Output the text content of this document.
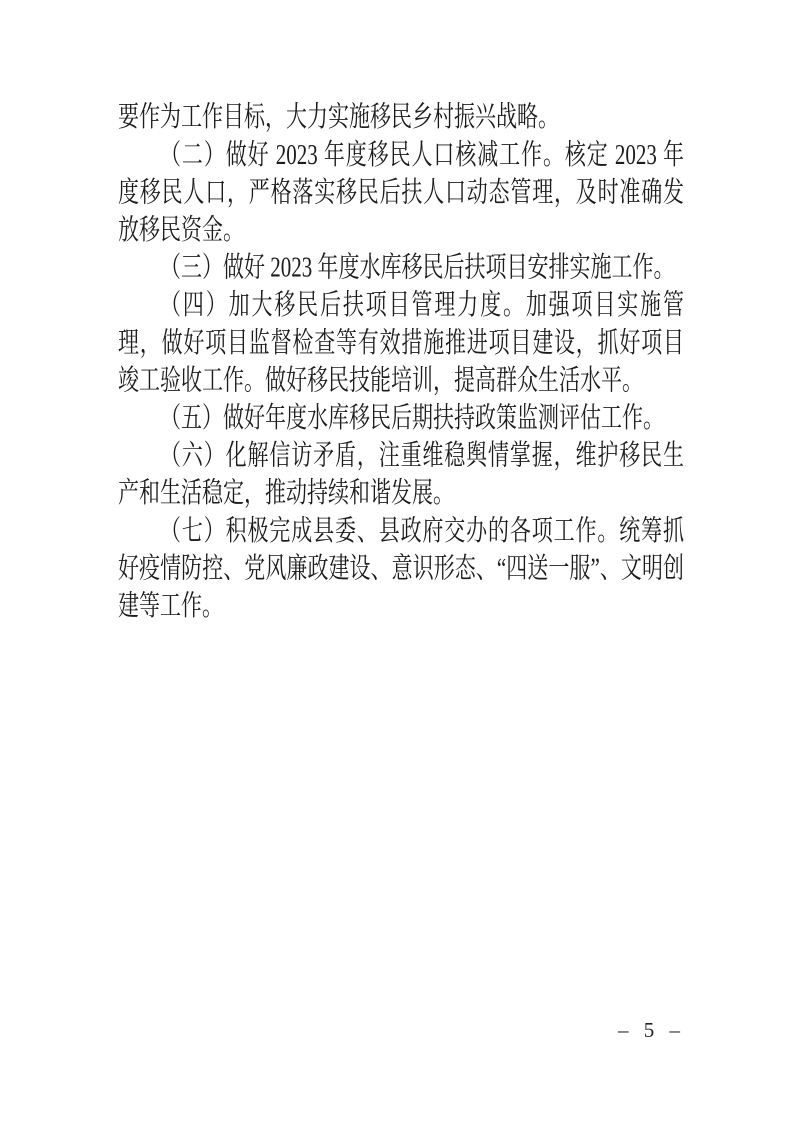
要作为工作目标，大力实施移民乡村振兴战略。

（二）做好 2023 年度移民人口核减工作。核定 2023 年度移民人口，严格落实移民后扶人口动态管理，及时准确发放移民资金。

（三）做好 2023 年度水库移民后扶项目安排实施工作。

（四）加大移民后扶项目管理力度。加强项目实施管理，做好项目监督检查等有效措施推进项目建设，抓好项目竣工验收工作。做好移民技能培训，提高群众生活水平。

（五）做好年度水库移民后期扶持政策监测评估工作。

（六）化解信访矛盾，注重维稳舆情掌握，维护移民生产和生活稳定，推动持续和谐发展。

（七）积极完成县委、县政府交办的各项工作。统筹抓好疫情防控、党风廉政建设、意识形态、“四送一服”、文明创建等工作。

– 5 –
